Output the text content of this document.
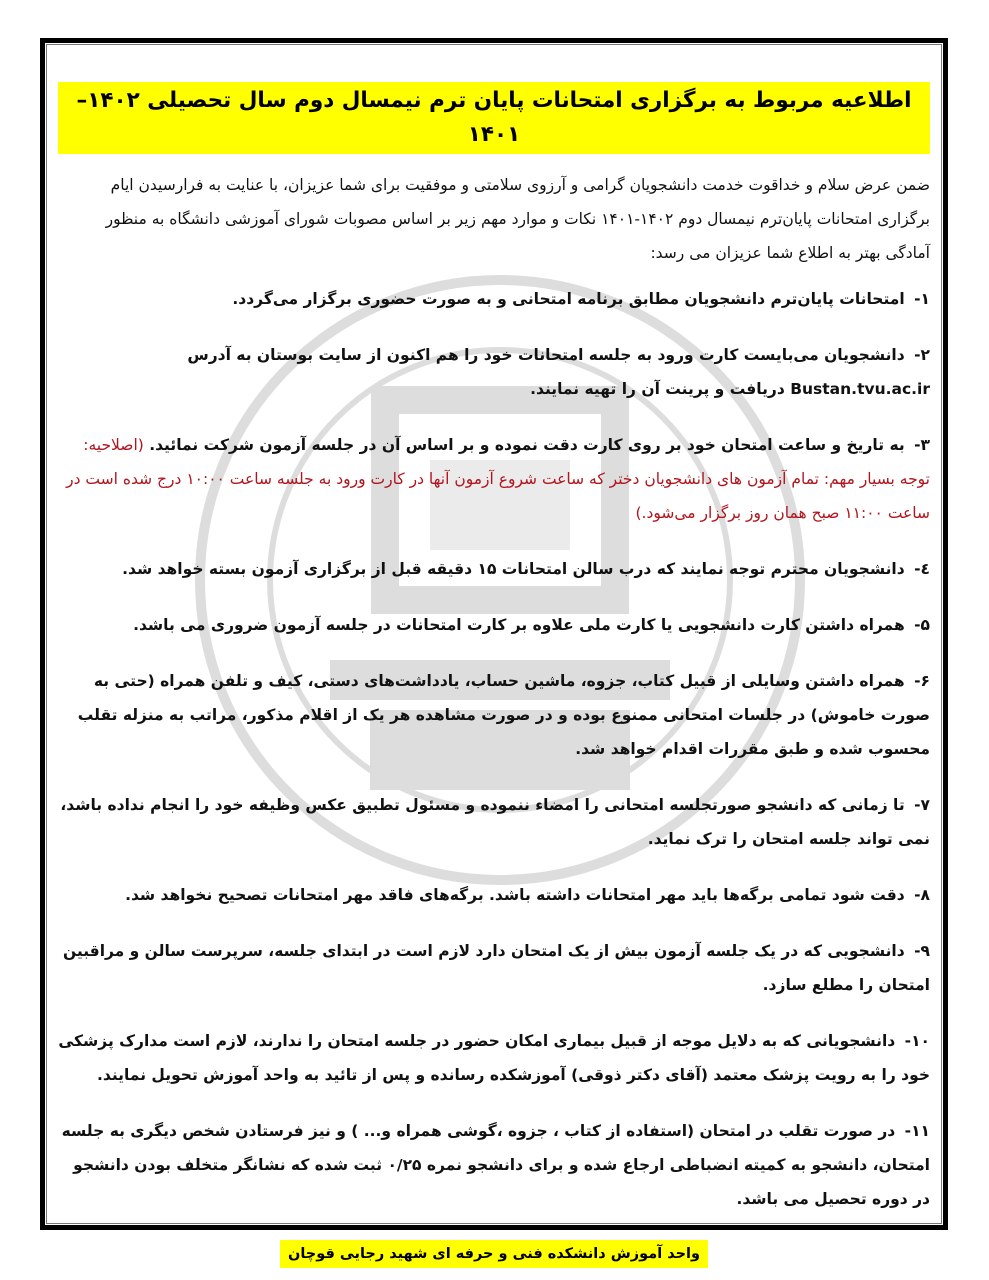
اطلاعیه مربوط به برگزاری امتحانات پایان ترم نیمسال دوم سال تحصیلی ۱۴۰۲–۱۴۰۱

ضمن عرض سلام و خداقوت خدمت دانشجویان گرامی و آرزوی سلامتی و موفقیت برای شما عزیزان، با عنایت به فرارسیدن ایام برگزاری امتحانات پایان‌ترم نیمسال دوم ۱۴۰۲-۱۴۰۱ نکات و موارد مهم زیر بر اساس مصوبات شورای آموزشی دانشگاه به منظور آمادگی بهتر به اطلاع شما عزیزان می رسد:

۱- امتحانات پایان‌ترم دانشجویان مطابق برنامه امتحانی و به صورت حضوری برگزار می‌گردد.

۲- دانشجویان می‌بایست کارت ورود به جلسه امتحانات خود را هم اکنون از سایت بوستان به آدرس Bustan.tvu.ac.ir دریافت و پرینت آن را تهیه نمایند.

۳- به تاریخ و ساعت امتحان خود بر روی کارت دقت نموده و بر اساس آن در جلسه آزمون شرکت نمائید. (اصلاحیه:
توجه بسیار مهم: تمام آزمون های دانشجویان دختر که ساعت شروع آزمون آنها در کارت ورود به جلسه ساعت ۱۰:۰۰ درج شده است در ساعت ۱۱:۰۰ صبح همان روز برگزار می‌شود.)

٤- دانشجویان محترم توجه نمایند که درب سالن امتحانات ۱۵ دقیقه قبل از برگزاری آزمون بسته خواهد شد.

۵- همراه داشتن کارت دانشجویی یا کارت ملی علاوه بر کارت امتحانات در جلسه آزمون ضروری می باشد.

۶- همراه داشتن وسایلی از قبیل کتاب، جزوه، ماشین حساب، یادداشت‌های دستی، کیف و تلفن همراه (حتی به صورت خاموش) در جلسات امتحانی ممنوع بوده و در صورت مشاهده هر یک از اقلام مذکور، مراتب به منزله تقلب محسوب شده و طبق مقررات اقدام خواهد شد.

۷- تا زمانی که دانشجو صورتجلسه امتحانی را امضاء ننموده و مسئول تطبیق عکس وظیفه خود را انجام نداده باشد، نمی تواند جلسه امتحان را ترک نماید.

۸- دقت شود تمامی برگه‌ها باید مهر امتحانات داشته باشد. برگه‌های فاقد مهر امتحانات تصحیح نخواهد شد.

۹- دانشجویی که در یک جلسه آزمون بیش از یک امتحان دارد لازم است در ابتدای جلسه، سرپرست سالن و مراقبین امتحان را مطلع سازد.

۱۰- دانشجویانی که به دلایل موجه از قبیل بیماری امکان حضور در جلسه امتحان را ندارند، لازم است مدارک پزشکی خود را به رویت پزشک معتمد (آقای دکتر ذوقی) آموزشکده رسانده و پس از تائید به واحد آموزش تحویل نمایند.

۱۱- در صورت تقلب در امتحان (استفاده از کتاب ، جزوه ،گوشی همراه و... ) و نیز فرستادن شخص دیگری به جلسه امتحان، دانشجو به کمیته انضباطی ارجاع شده و برای دانشجو نمره ۰/۲۵ ثبت شده که نشانگر متخلف بودن دانشجو در دوره تحصیل می باشد.

واحد آموزش دانشکده فنی و حرفه ای شهید رجایی قوچان
